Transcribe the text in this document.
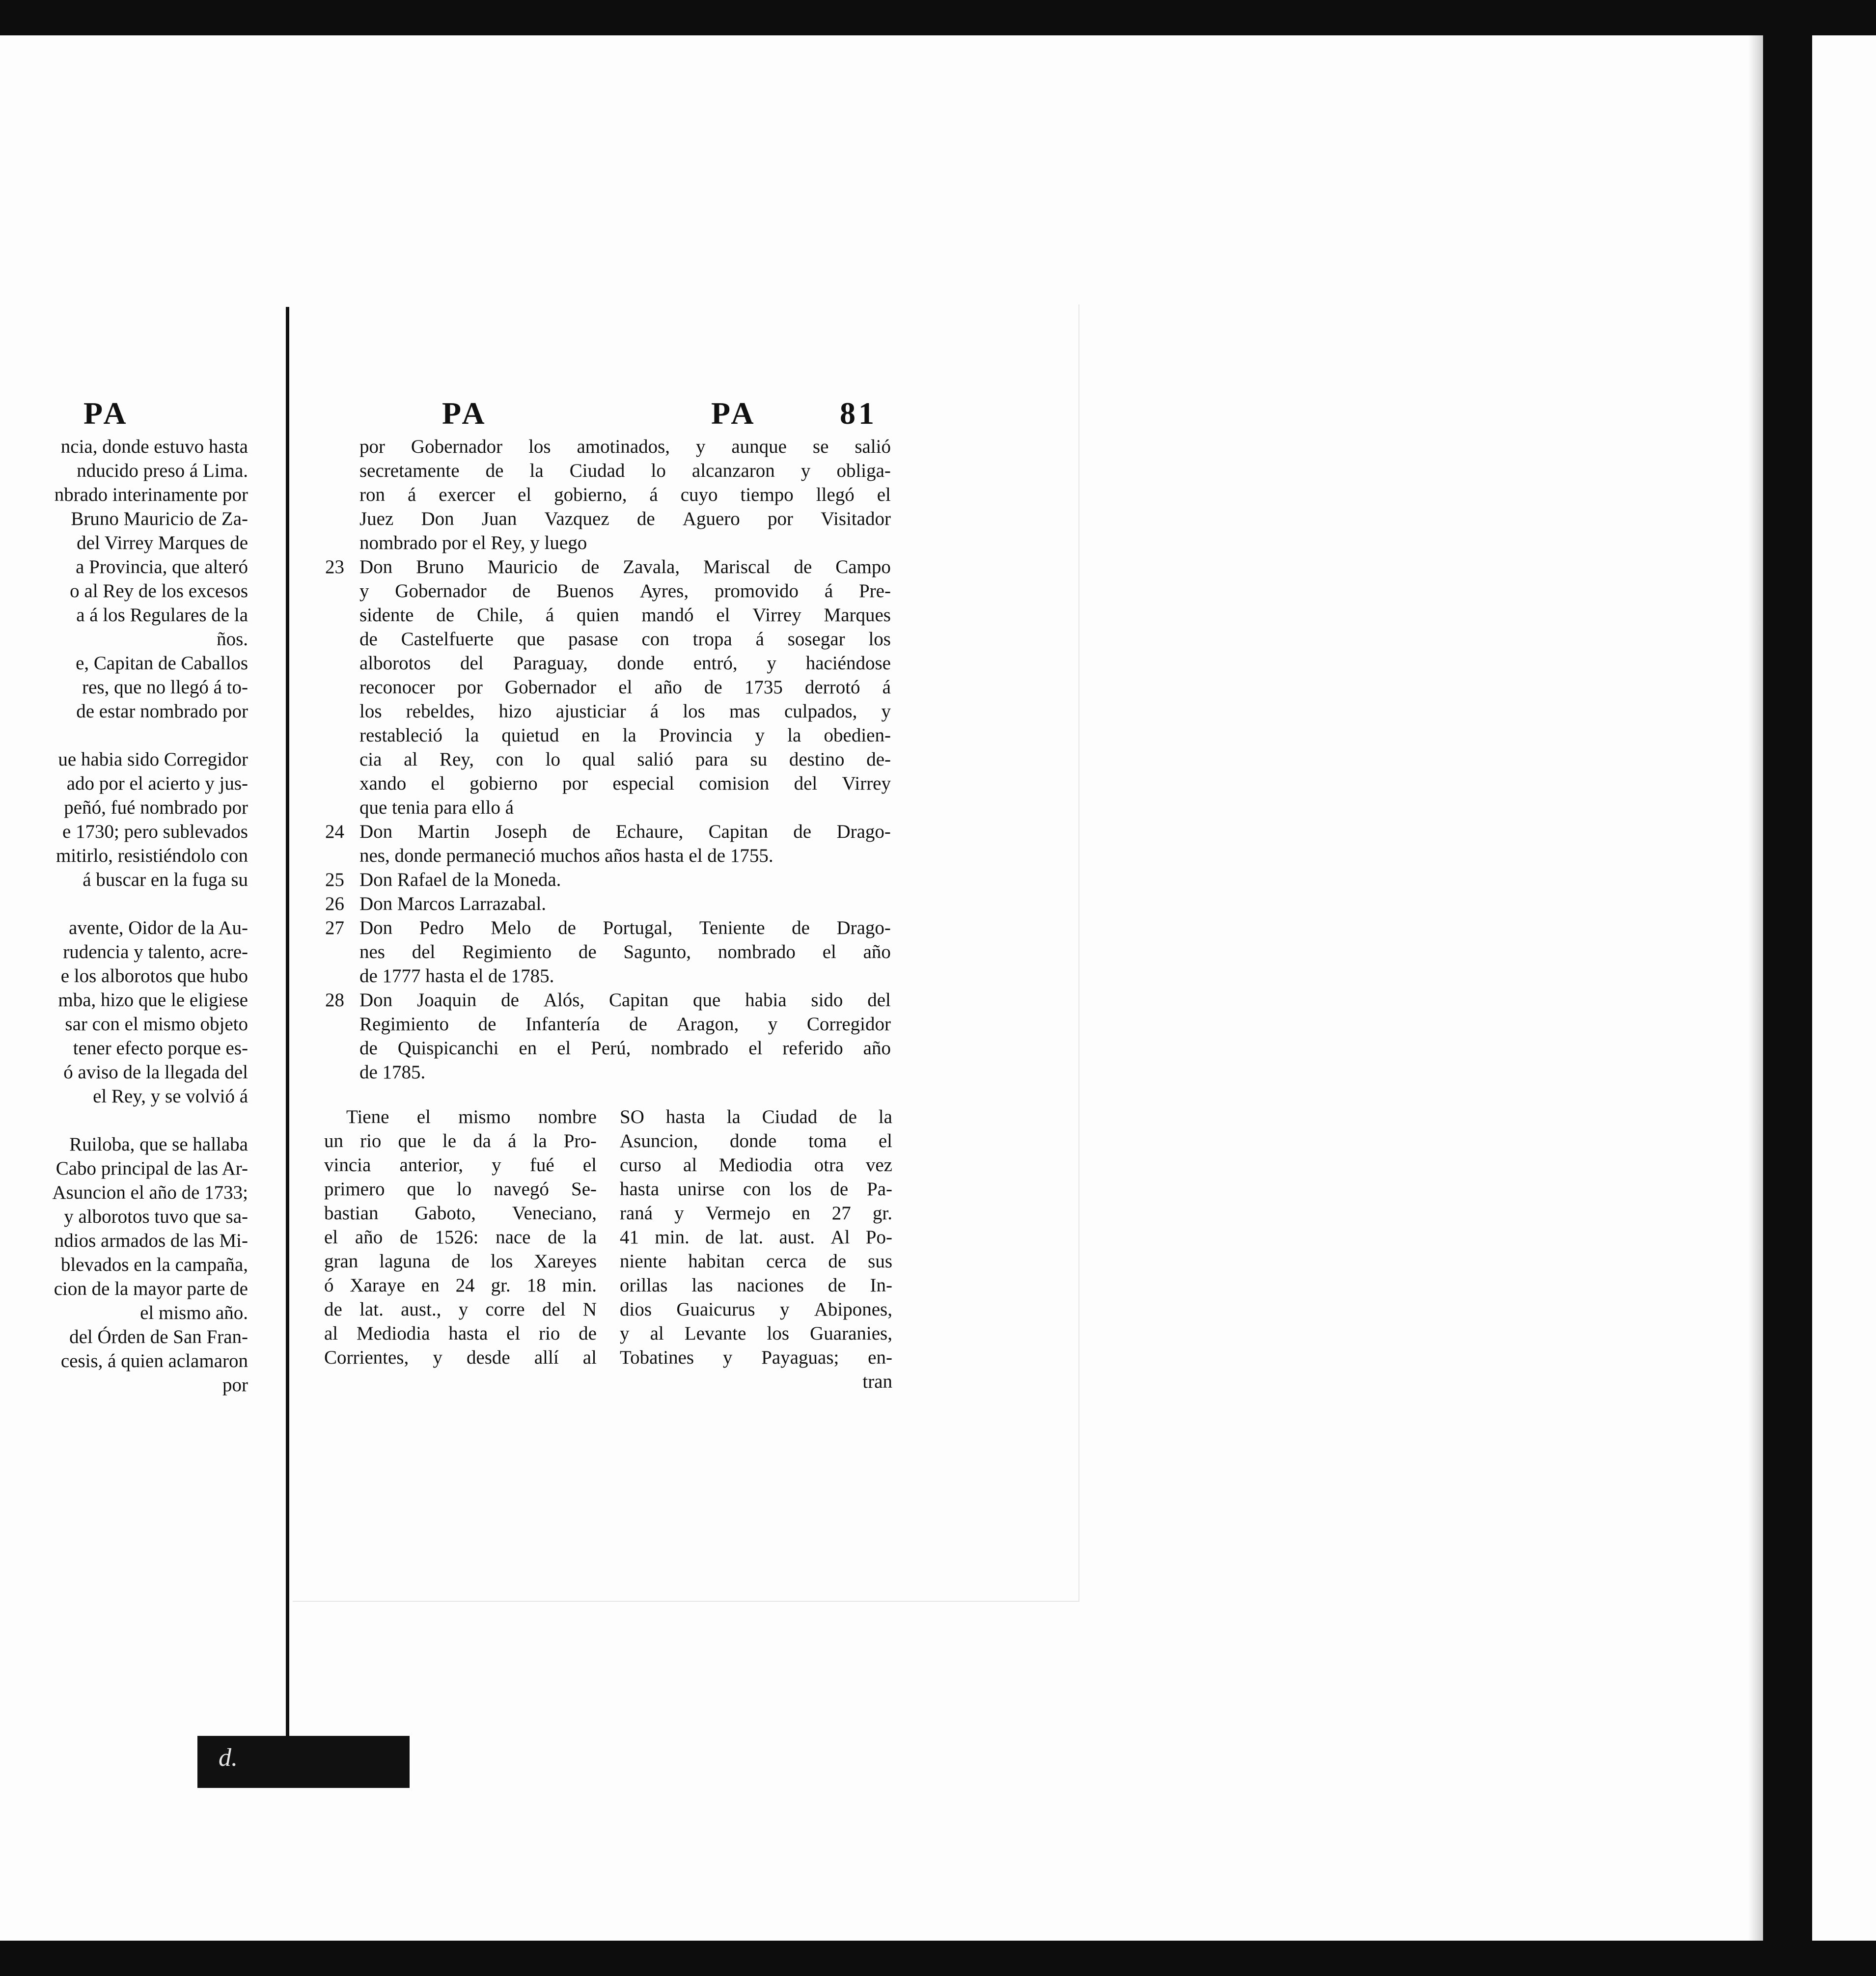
d.
PA	PA	PA	81
ncia, donde estuvo hasta
nducido preso á Lima.
nbrado interinamente por
Bruno Mauricio de Za-
del Virrey Marques de
a Provincia, que alteró
o al Rey de los excesos
a á los Regulares de la
ños.
e, Capitan de Caballos
res, que no llegó á to-
de estar nombrado por

ue habia sido Corregidor
ado por el acierto y jus-
peñó, fué nombrado por
e 1730; pero sublevados
mitirlo, resistiéndolo con
á buscar en la fuga su

avente, Oidor de la Au-
rudencia y talento, acre-
e los alborotos que hubo
mba, hizo que le eligiese
sar con el mismo objeto
tener efecto porque es-
ó aviso de la llegada del
el Rey, y se volvió á

Ruiloba, que se hallaba
Cabo principal de las Ar-
Asuncion el año de 1733;
y alborotos tuvo que sa-
ndios armados de las Mi-
blevados en la campaña,
cion de la mayor parte de
el mismo año.
del Órden de San Fran-
cesis, á quien aclamaron
por
por Gobernador los amotinados, y aunque se salió
secretamente de la Ciudad lo alcanzaron y obliga-
ron á exercer el gobierno, á cuyo tiempo llegó el
Juez Don Juan Vazquez de Aguero por Visitador
nombrado por el Rey, y luego
23 Don Bruno Mauricio de Zavala, Mariscal de Campo
y Gobernador de Buenos Ayres, promovido á Pre-
sidente de Chile, á quien mandó el Virrey Marques
de Castelfuerte que pasase con tropa á sosegar los
alborotos del Paraguay, donde entró, y haciéndose
reconocer por Gobernador el año de 1735 derrotó á
los rebeldes, hizo ajusticiar á los mas culpados, y
restableció la quietud en la Provincia y la obedien-
cia al Rey, con lo qual salió para su destino de-
xando el gobierno por especial comision del Virrey
que tenia para ello á
24 Don Martin Joseph de Echaure, Capitan de Drago-
nes, donde permaneció muchos años hasta el de 1755.
25 Don Rafael de la Moneda.
26 Don Marcos Larrazabal.
27 Don Pedro Melo de Portugal, Teniente de Drago-
nes del Regimiento de Sagunto, nombrado el año
de 1777 hasta el de 1785.
28 Don Joaquin de Alós, Capitan que habia sido del
Regimiento de Infantería de Aragon, y Corregidor
de Quispicanchi en el Perú, nombrado el referido año
de 1785.
Tiene el mismo nombre
un rio que le da á la Pro-
vincia anterior, y fué el
primero que lo navegó Se-
bastian Gaboto, Veneciano,
el año de 1526: nace de la
gran laguna de los Xareyes
ó Xaraye en 24 gr. 18 min.
de lat. aust., y corre del N
al Mediodia hasta el rio de
Corrientes, y desde allí al
SO hasta la Ciudad de la
Asuncion, donde toma el
curso al Mediodia otra vez
hasta unirse con los de Pa-
raná y Vermejo en 27 gr.
41 min. de lat. aust. Al Po-
niente habitan cerca de sus
orillas las naciones de In-
dios Guaicurus y Abipones,
y al Levante los Guaranies,
Tobatines y Payaguas; en-
tran
